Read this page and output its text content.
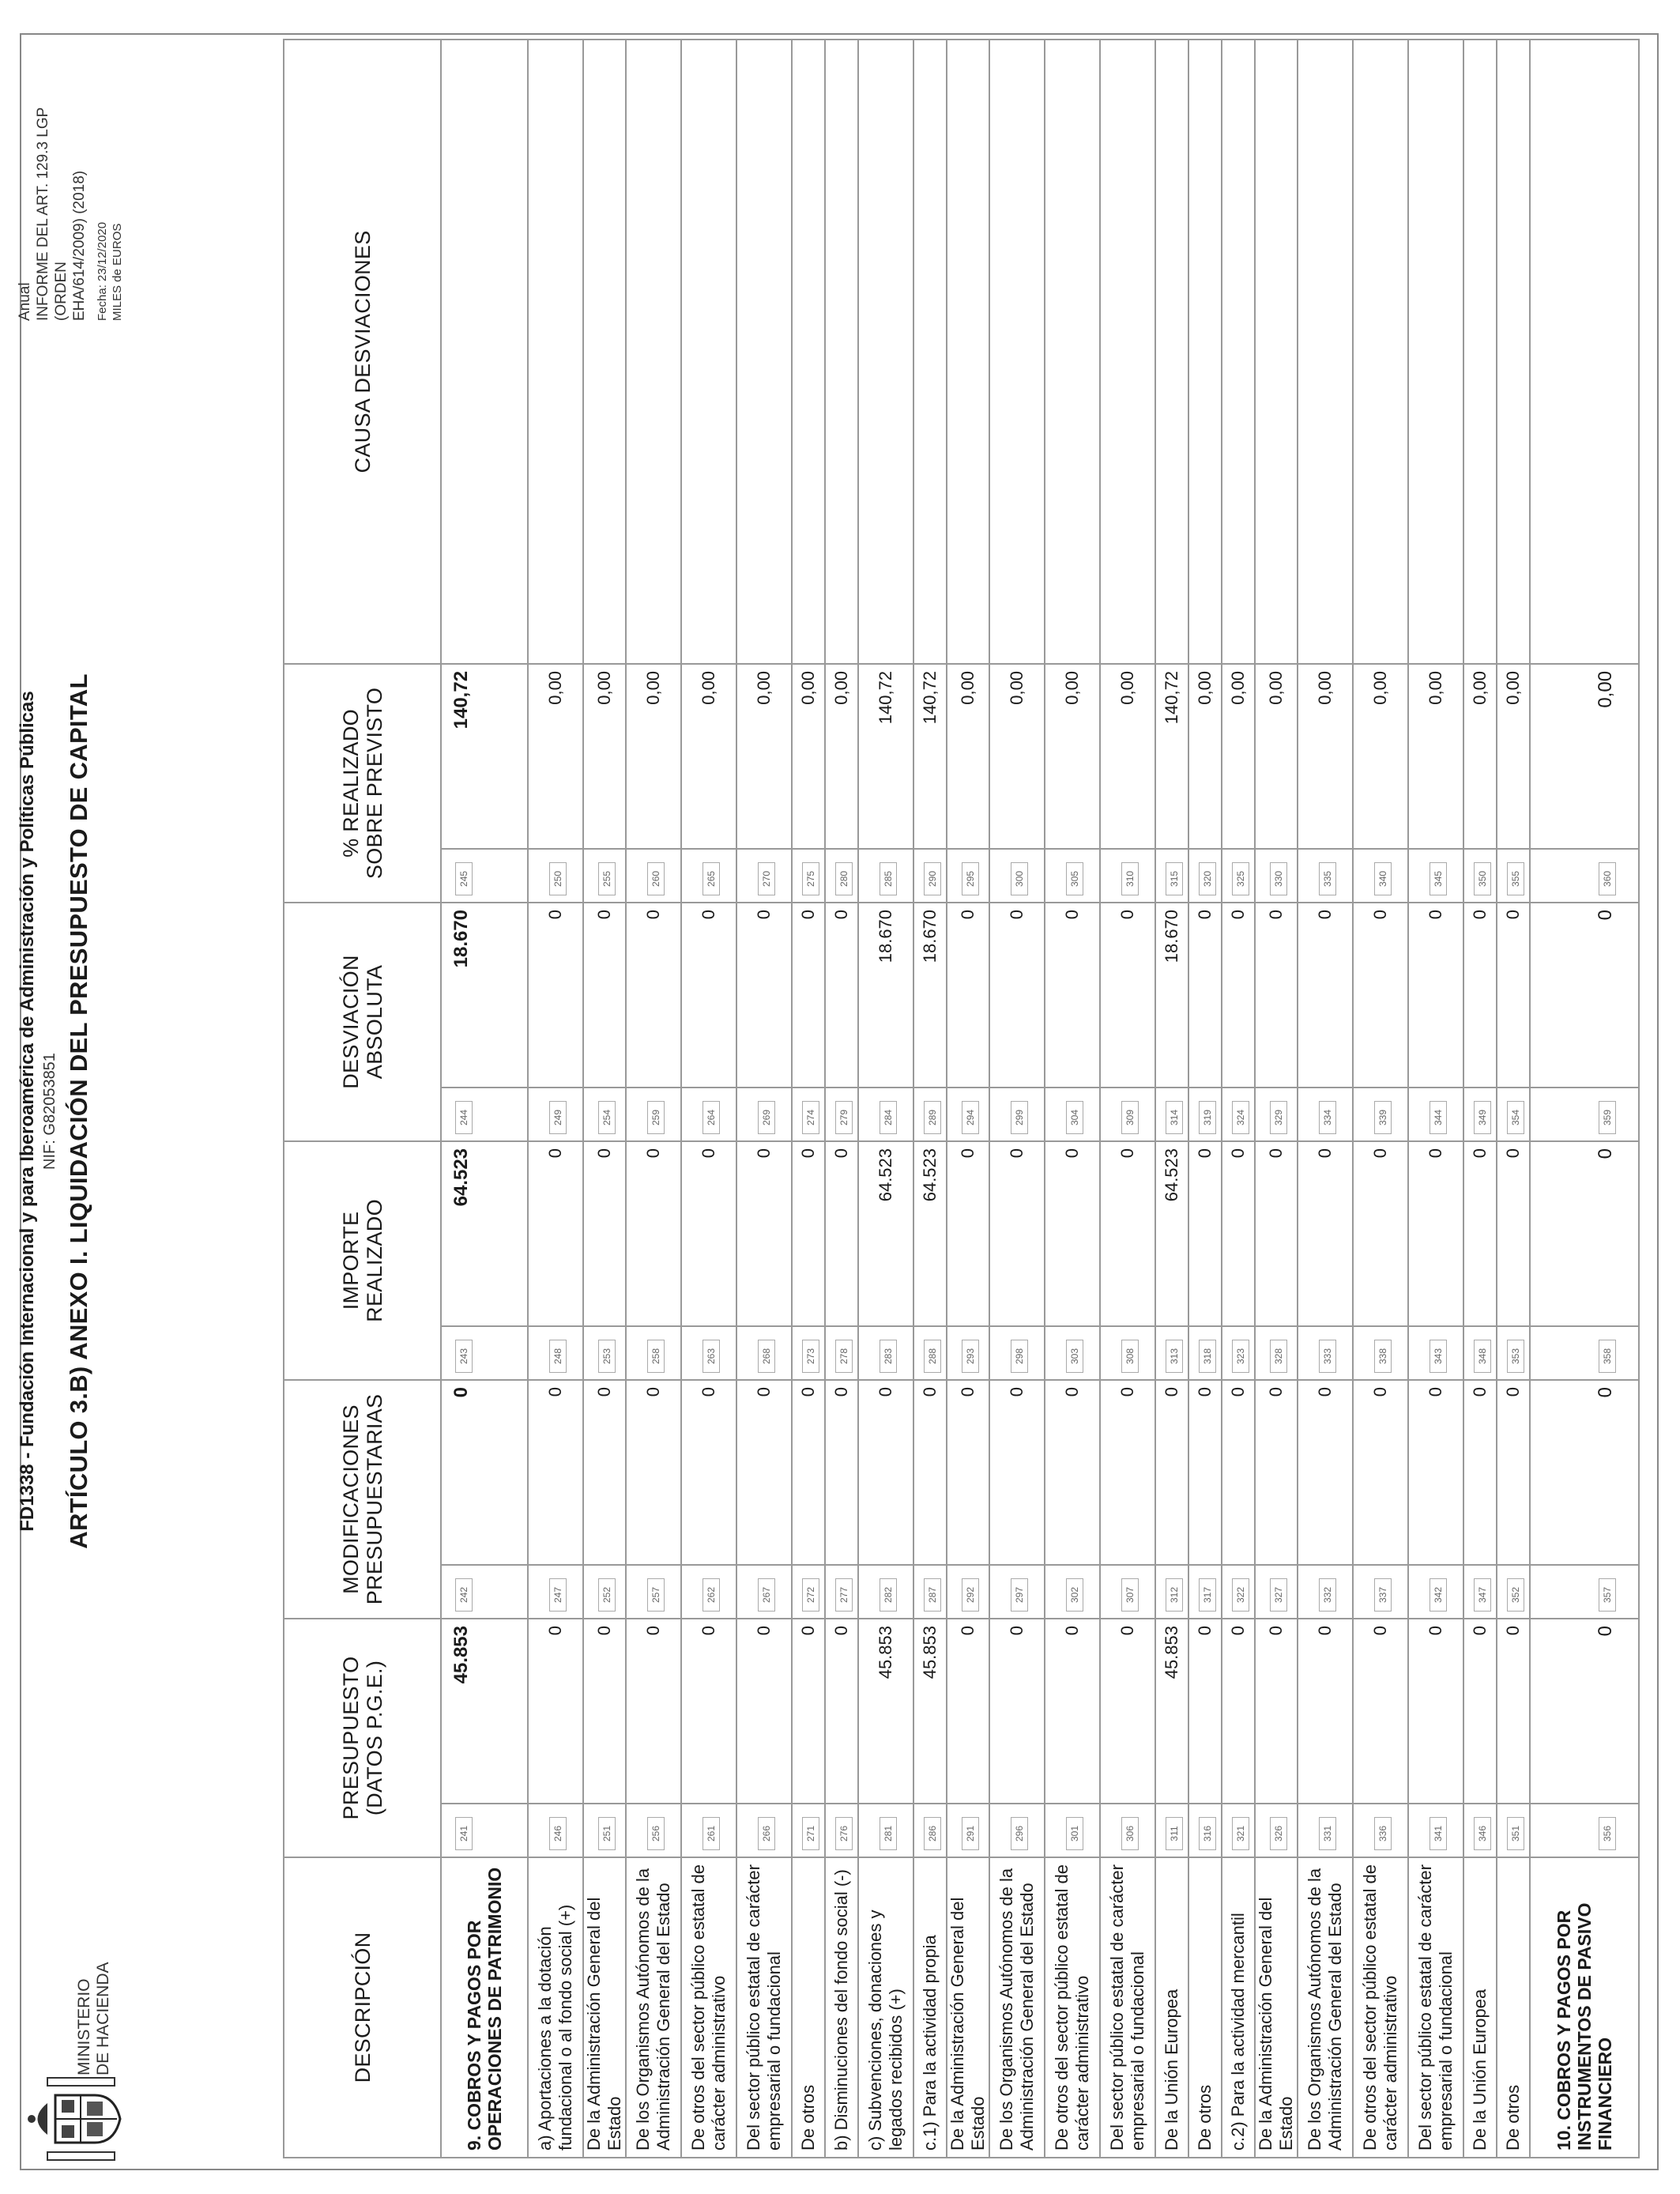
MINISTERIO DE HACIENDA
FD1338 - Fundación Internacional y para Iberoamérica de Administración y Políticas Públicas NIF: G82053851 ARTÍCULO 3.B) ANEXO I. LIQUIDACIÓN DEL PRESUPUESTO DE CAPITAL
Anual INFORME DEL ART. 129.3 LGP (ORDEN EHA/614/2009) (2018) Fecha: 23/12/2020 MILES de EUROS
DESCRIPCIÓN	PRESUPUESTO (DATOS P.G.E.)		MODIFICACIONES PRESUPUESTARIAS		IMPORTE REALIZADO		DESVIACIÓN ABSOLUTA		% REALIZADO SOBRE PREVISTO		CAUSA DESVIACIONES
9. COBROS Y PAGOS POR OPERACIONES DE PATRIMONIO	241	45.853	242	0	243	64.523	244	18.670	245	140,72	
a) Aportaciones a la dotación fundacional o al fondo social (+)	246	0	247	0	248	0	249	0	250	0,00	
De la Administración General del Estado	251	0	252	0	253	0	254	0	255	0,00	
De los Organismos Autónomos de la Administración General del Estado	256	0	257	0	258	0	259	0	260	0,00	
De otros del sector público estatal de carácter administrativo	261	0	262	0	263	0	264	0	265	0,00	
Del sector público estatal de carácter empresarial o fundacional	266	0	267	0	268	0	269	0	270	0,00	
De otros	271	0	272	0	273	0	274	0	275	0,00	
b) Disminuciones del fondo social (-)	276	0	277	0	278	0	279	0	280	0,00	
c) Subvenciones, donaciones y legados recibidos (+)	281	45.853	282	0	283	64.523	284	18.670	285	140,72	
c.1) Para la actividad propia	286	45.853	287	0	288	64.523	289	18.670	290	140,72	
De la Administración General del Estado	291	0	292	0	293	0	294	0	295	0,00	
De los Organismos Autónomos de la Administración General del Estado	296	0	297	0	298	0	299	0	300	0,00	
De otros del sector público estatal de carácter administrativo	301	0	302	0	303	0	304	0	305	0,00	
Del sector público estatal de carácter empresarial o fundacional	306	0	307	0	308	0	309	0	310	0,00	
De la Unión Europea	311	45.853	312	0	313	64.523	314	18.670	315	140,72	
De otros	316	0	317	0	318	0	319	0	320	0,00	
c.2) Para la actividad mercantil	321	0	322	0	323	0	324	0	325	0,00	
De la Administración General del Estado	326	0	327	0	328	0	329	0	330	0,00	
De los Organismos Autónomos de la Administración General del Estado	331	0	332	0	333	0	334	0	335	0,00	
De otros del sector público estatal de carácter administrativo	336	0	337	0	338	0	339	0	340	0,00	
Del sector público estatal de carácter empresarial o fundacional	341	0	342	0	343	0	344	0	345	0,00	
De la Unión Europea	346	0	347	0	348	0	349	0	350	0,00	
De otros	351	0	352	0	353	0	354	0	355	0,00	
10. COBROS Y PAGOS POR INSTRUMENTOS DE PASIVO FINANCIERO	356	0	357	0	358	0	359	0	360	0,00	
